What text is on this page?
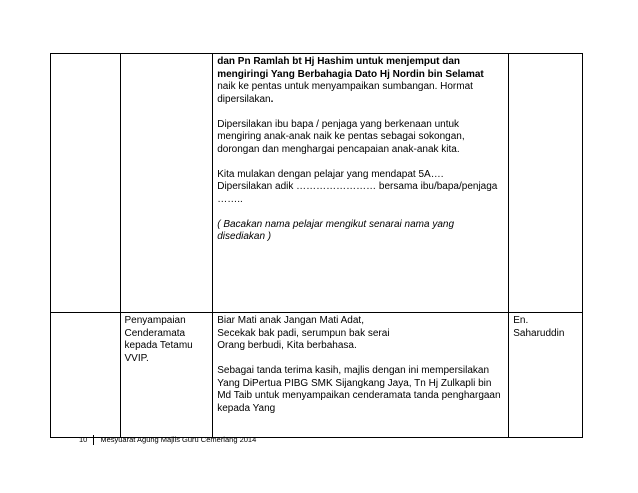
		dan Pn Ramlah bt Hj Hashim untuk menjemput dan mengiringi Yang Berbahagia Dato Hj Nordin bin Selamat naik ke pentas untuk menyampaikan sumbangan. Hormat dipersilakan.
Dipersilakan ibu bapa / penjaga yang berkenaan untuk mengiring anak-anak naik ke pentas sebagai sokongan, dorongan dan menghargai pencapaian anak-anak kita.
Kita mulakan dengan pelajar yang mendapat 5A….
Dipersilakan adik …………………… bersama ibu/bapa/penjaga ……..
( Bacakan nama pelajar mengikut senarai nama yang disediakan )	

	Penyampaian Cenderamata kepada Tetamu VVIP.	Biar Mati anak Jangan Mati Adat,
Secekak bak padi, serumpun bak serai
Orang berbudi, Kita berbahasa.
Sebagai tanda terima kasih, majlis dengan ini mempersilakan Yang DiPertua PIBG SMK Sijangkang Jaya, Tn Hj Zulkapli bin Md Taib untuk menyampaikan cenderamata tanda penghargaan kepada Yang	En. Saharuddin
10 Mesyuarat Agung Majlis Guru Cemerlang 2014
